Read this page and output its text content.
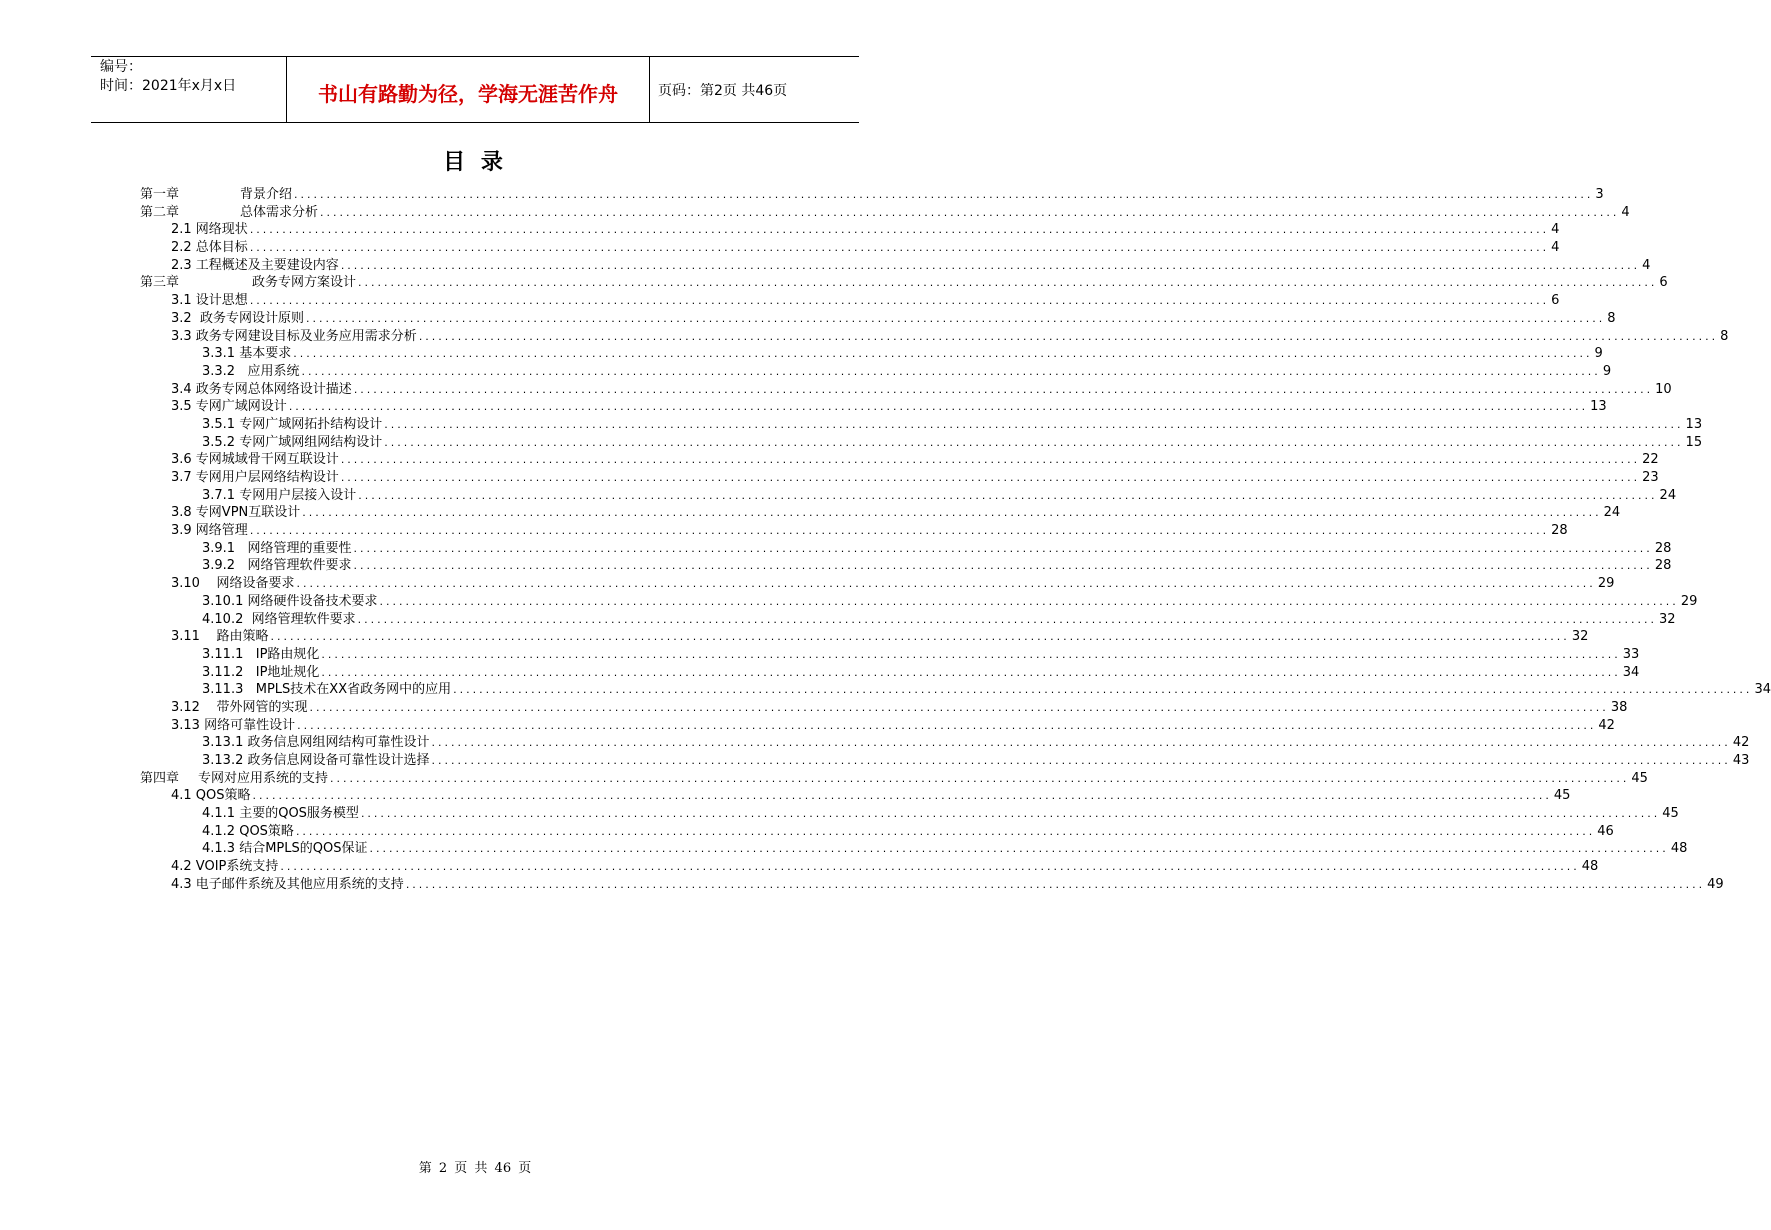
编号：
时间：2021年x月x日	书山有路勤为径，学海无涯苦作舟	页码：第2页 共46页
目 录
第一章	背景介绍 ........................................................................................................................................................................................................ 3
第二章	总体需求分析 ........................................................................................................................................................................................................ 4
2.1 网络现状 ........................................................................................................................................................................................................ 4
2.2 总体目标 ........................................................................................................................................................................................................ 4
2.3 工程概述及主要建设内容 ........................................................................................................................................................................................................ 4
第三章	政务专网方案设计 ........................................................................................................................................................................................................ 6
3.1 设计思想 ........................................................................................................................................................................................................ 6
3.2  政务专网设计原则 ........................................................................................................................................................................................................ 8
3.3 政务专网建设目标及业务应用需求分析 ........................................................................................................................................................................................................ 8
3.3.1 基本要求 ........................................................................................................................................................................................................ 9
3.3.2   应用系统 ........................................................................................................................................................................................................ 9
3.4 政务专网总体网络设计描述 ........................................................................................................................................................................................................ 10
3.5 专网广域网设计 ........................................................................................................................................................................................................ 13
3.5.1 专网广域网拓扑结构设计 ........................................................................................................................................................................................................ 13
3.5.2 专网广域网组网结构设计 ........................................................................................................................................................................................................ 15
3.6 专网城域骨干网互联设计 ........................................................................................................................................................................................................ 22
3.7 专网用户层网络结构设计 ........................................................................................................................................................................................................ 23
3.7.1 专网用户层接入设计 ........................................................................................................................................................................................................ 24
3.8 专网VPN互联设计 ........................................................................................................................................................................................................ 24
3.9 网络管理 ........................................................................................................................................................................................................ 28
3.9.1   网络管理的重要性 ........................................................................................................................................................................................................ 28
3.9.2   网络管理软件要求 ........................................................................................................................................................................................................ 28
3.10    网络设备要求 ........................................................................................................................................................................................................ 29
3.10.1 网络硬件设备技术要求 ........................................................................................................................................................................................................ 29
4.10.2  网络管理软件要求 ........................................................................................................................................................................................................ 32
3.11    路由策略 ........................................................................................................................................................................................................ 32
3.11.1   IP路由规化 ........................................................................................................................................................................................................ 33
3.11.2   IP地址规化 ........................................................................................................................................................................................................ 34
3.11.3   MPLS技术在XX省政务网中的应用 ........................................................................................................................................................................................................ 34
3.12    带外网管的实现 ........................................................................................................................................................................................................ 38
3.13 网络可靠性设计 ........................................................................................................................................................................................................ 42
3.13.1 政务信息网组网结构可靠性设计 ........................................................................................................................................................................................................ 42
3.13.2 政务信息网设备可靠性设计选择 ........................................................................................................................................................................................................ 43
第四章 专网对应用系统的支持 ........................................................................................................................................................................................................ 45
4.1 QOS策略 ........................................................................................................................................................................................................ 45
4.1.1 主要的QOS服务模型 ........................................................................................................................................................................................................ 45
4.1.2 QOS策略 ........................................................................................................................................................................................................ 46
4.1.3 结合MPLS的QOS保证 ........................................................................................................................................................................................................ 48
4.2 VOIP系统支持 ........................................................................................................................................................................................................ 48
4.3 电子邮件系统及其他应用系统的支持 ........................................................................................................................................................................................................ 49
第 2 页 共 46 页
